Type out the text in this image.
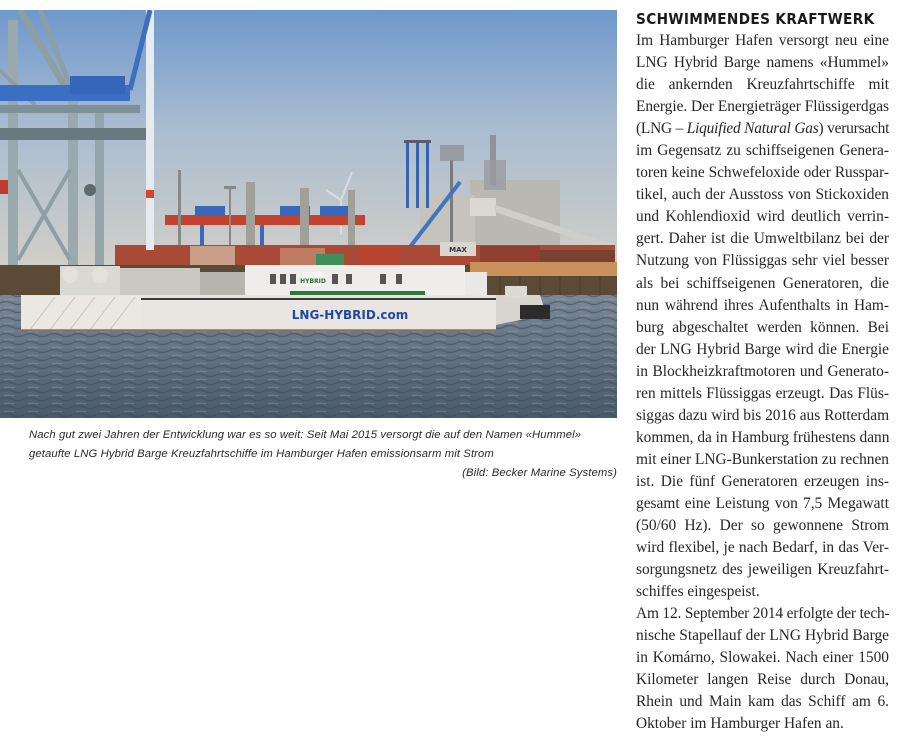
MAX
HYBRID
LNG-HYBRID.com
Nach gut zwei Jahren der Entwicklung war es so weit: Seit Mai 2015 versorgt die auf den Namen «Hummel»
getaufte LNG Hybrid Barge Kreuzfahrtschiffe im Hamburger Hafen emissionsarm mit Strom
(Bild: Becker Marine Systems)
SCHWIMMENDES KRAFTWERK
Im Hamburger Hafen versorgt neu eine
LNG Hybrid Barge namens «Hummel»
die ankernden Kreuzfahrtschiffe mit
Energie. Der Energieträger Flüssigerdgas
(LNG – Liquified Natural Gas) verursacht
im Gegensatz zu schiffseigenen Genera-
toren keine Schwefeloxide oder Russpar-
tikel, auch der Ausstoss von Stickoxiden
und Kohlendioxid wird deutlich verrin-
gert. Daher ist die Umweltbilanz bei der
Nutzung von Flüssiggas sehr viel besser
als bei schiffseigenen Generatoren, die
nun während ihres Aufenthalts in Ham-
burg abgeschaltet werden können. Bei
der LNG Hybrid Barge wird die Energie
in Blockheizkraftmotoren und Generato-
ren mittels Flüssiggas erzeugt. Das Flüs-
siggas dazu wird bis 2016 aus Rotterdam
kommen, da in Hamburg frühestens dann
mit einer LNG-Bunkerstation zu rechnen
ist. Die fünf Generatoren erzeugen ins-
gesamt eine Leistung von 7,5 Megawatt
(50/60 Hz). Der so gewonnene Strom
wird flexibel, je nach Bedarf, in das Ver-
sorgungsnetz des jeweiligen Kreuzfahrt-
schiffes eingespeist.
Am 12. September 2014 erfolgte der tech-
nische Stapellauf der LNG Hybrid Barge
in Komárno, Slowakei. Nach einer 1500
Kilometer langen Reise durch Donau,
Rhein und Main kam das Schiff am 6.
Oktober im Hamburger Hafen an.
